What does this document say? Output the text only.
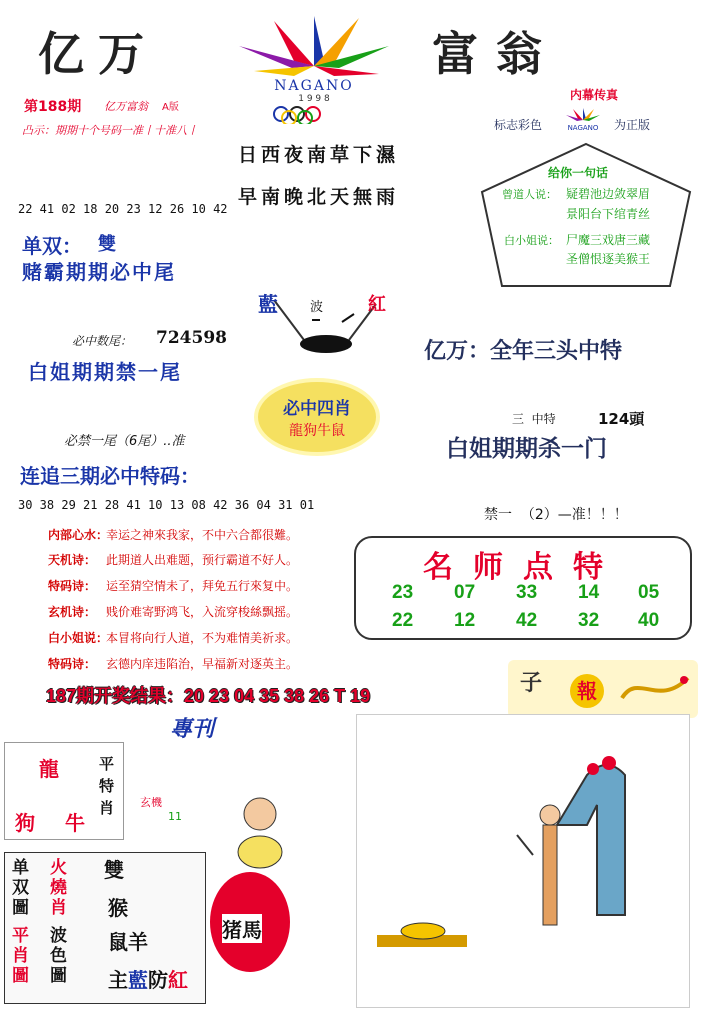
亿万	富翁
NAGANO
1 9 9 8
第188期 亿万富翁 A版
凸示：期期十个号码一准丨十准八丨
日西夜南草下濕
早南晚北天無雨
内幕传真
标志彩色	NAGANO	为正版
给你一句话
曾道人说： 疑碧池边敛翠眉
景阳台下绾青丝
白小姐说： 尸魔三戏唐三藏
圣僧恨逐美猴王
22 41 02 18 20 23 12 26 10 42
单双： 雙
赌霸期期必中尾
藍 波 紅
必中数尾： 724598
白姐期期禁一尾
亿万：全年三头中特
必中四肖
龍狗牛鼠
三  中特	124頭
白姐期期杀一门
必禁一尾（6尾）..准
连追三期必中特码：
30 38 29 21 28 41 10 13 08 42 36 04 31 01
禁一  （2）—准！！！
内部心水：幸运之神來我家，不中六合都很難。
天机诗： 此期道人出难题，预行霸道不好人。
特码诗： 运至猜空情未了，拜免五行來复中。
玄机诗： 贱价难寄野鸿飞，入流穿梭絲飘摇。
白小姐说：本冒将向行人道，不为难情美祈求。
特码诗： 玄德内庠违陷治，早福新对逐英主。
名师点特
23 07 33 14 05
22 12 42 32 40
187期开奖结果：20 23 04 35 38 26 T 19	子	報
專刊
龍
狗 牛
平特肖 玄機
11
单双圖
火燒肖
平肖圖
波色圖
雙
猴
鼠羊	猪馬
主藍防紅
